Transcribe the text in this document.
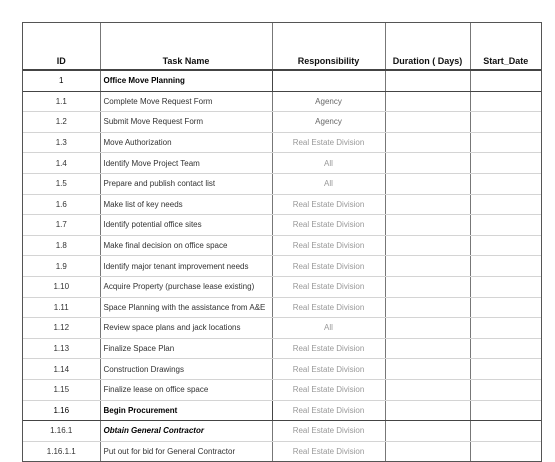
ID	Task Name	Responsibility	Duration ( Days)	Start_Date
1	Office Move Planning			
1.1	Complete Move Request Form	Agency		
1.2	Submit Move Request Form	Agency		
1.3	Move Authorization	Real Estate Division		
1.4	Identify Move Project Team	All		
1.5	Prepare and publish contact list	All		
1.6	Make list of key needs	Real Estate Division		
1.7	Identify potential office sites	Real Estate Division		
1.8	Make final decision on office space	Real Estate Division		
1.9	Identify major tenant improvement needs	Real Estate Division		
1.10	Acquire Property (purchase lease existing)	Real Estate Division		
1.11	Space Planning with the assistance from A&E	Real Estate Division		
1.12	Review space plans and jack locations	All		
1.13	Finalize Space Plan	Real Estate Division		
1.14	Construction Drawings	Real Estate Division		
1.15	Finalize lease on office space	Real Estate Division		
1.16	Begin Procurement	Real Estate Division		
1.16.1	Obtain General Contractor	Real Estate Division		
1.16.1.1	Put out for bid for General Contractor	Real Estate Division		
